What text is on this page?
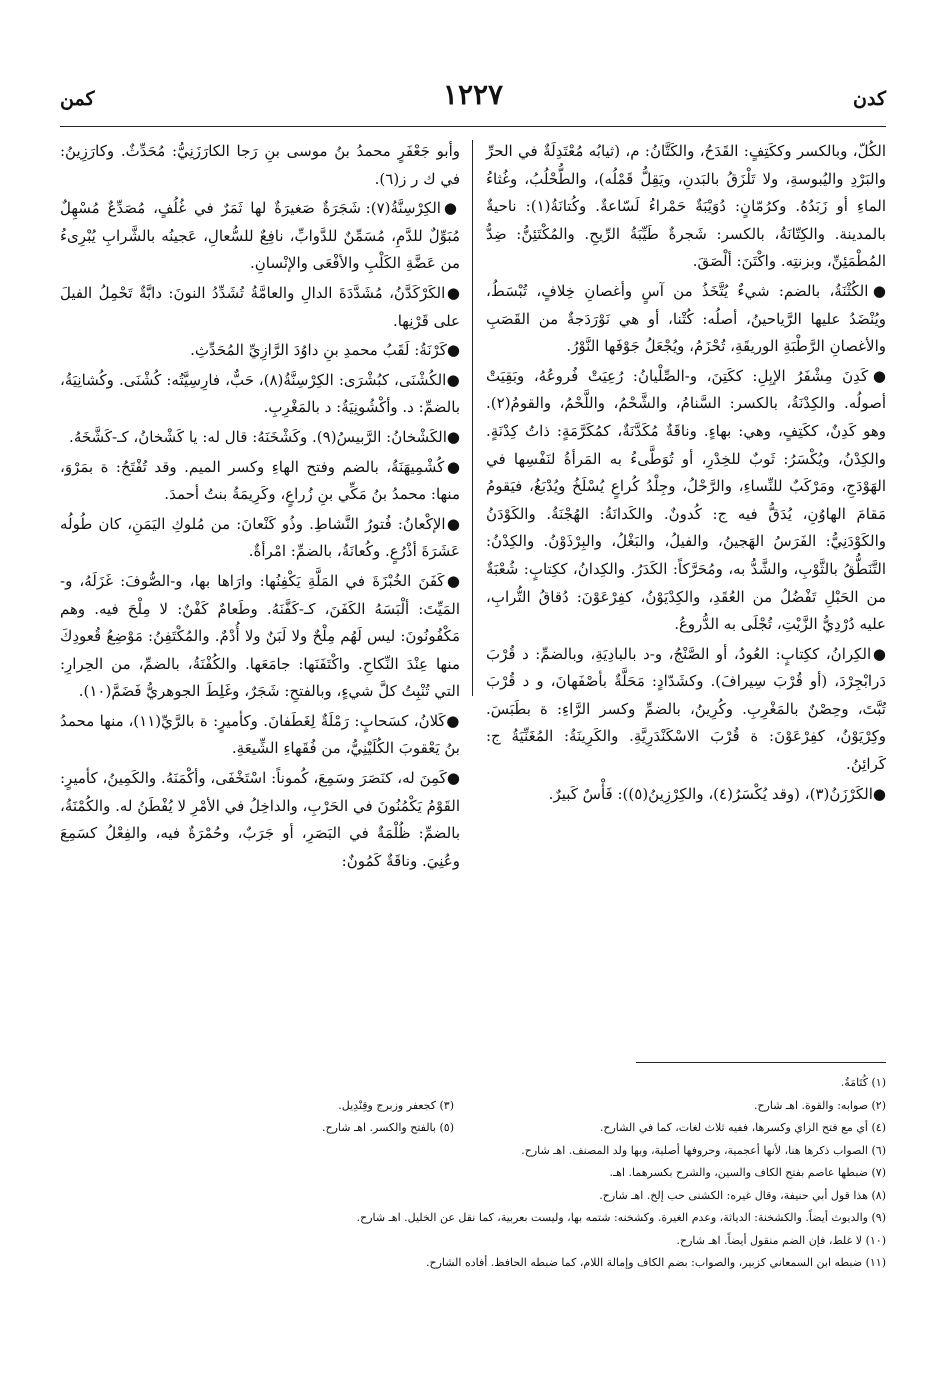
كدن
١٢٢٧
كمن

الكُلّ، وبالكسر وككَتِفٍ: القَدَحُ، والكَتَّانُ: م، (ثيابُه مُعْتَدِلَةٌ في الحرِّ والبَرْدِ واليُبوسةِ، ولا تَلْزَقُ بالبَدنِ، ويَقِلُّ قَمْلُه)، والطُّحْلُبُ، وغُثاءُ الماءِ أو زَبَدُهُ. وكرُمّانٍ: دُوَيْبَةٌ حَمْراءُ لَسّاعةٌ. وكُتانَةُ(١): ناحيةٌ بالمدينة. والكِتّانَةُ، بالكسر: شَجرةٌ طَيِّبَةُ الرِّيحِ. والمُكْتَئِنُّ: ضِدُّ المُطْمَئِنِّ، وبزنتِه. واكْتَنَ: ألْصَقَ.

●الكُثْنَةُ، بالضم: شيءٌ يُتَّخَذُ من آسٍ وأغصانِ خِلافٍ، تُبْسَطُ، ويُنْضَدُ عليها الرَّياحينُ، أصلُه: كُتْنا، أو هي نَوْرَدَجةٌ من القَصَبِ والأغصانِ الرَّطْبَةِ الوريقَةِ، تُحْزَمُ، ويُجْعَلُ جَوْفَها النَّوْرُ.

●كَدِنَ مِشْفَرُ الإبِلِ: ككَتِنَ، و-الصِّلْيانُ: رُعِيَتْ فُروعُهُ، وبَقِيَتْ أصولُه. والكِدْنَةُ، بالكسر: السَّنامُ، والشَّحْمُ، واللَّحْمُ، والقومُ(٢). وهو كَدِنٌ، ككَتِفٍ، وهي: بهاءٍ. وناقَةٌ مُكَدَّنَةٌ، كمُكَرَّمَةٍ: ذاتُ كِدْنَةٍ. والكِدْنُ، ويُكْسَرُ: ثَوبٌ للخِدْرِ، أو تُوَطَّىءُ به المَرأةُ لنَفْسِها في الهَوْدَجِ، ومَرْكَبٌ للنِّساءِ، والرَّحْلُ، وجِلْدُ كُراعٍ يُسْلَخُ ويُدْبَغُ، فيَقومُ مَقامَ الهاوُنِ، يُدَقُّ فيه ج: كُدونٌ. والكَدانَةُ: الهُجْنَةُ. والكَوْدَنُ والكَوْدَنِيُّ: الفَرَسُ الهَجينُ، والفيلُ، والبَغْلُ، والبِرْذَوْنُ. والكِدْنُ: التَّنَطُّقُ بالثَّوْبِ، والشَّدُّ به، ومُحَرَّكاً: الكَدَرُ. والكِدانُ، ككِتابٍ: شُعْبَةٌ من الحَبْلِ تَفْضُلُ من العُقَدِ، والكِدْيَوْنُ، كفِرْعَوْنَ: دُقاقُ التُّرابِ، عليه دُرْدِيُّ الزَّيْتِ، تُجْلَى به الدُّروعُ.

●الكِرانُ، ككِتابٍ: العُودُ، أو الصَّنْجُ، و-د بالبادِيَةِ، وبالضمِّ: د قُرْبَ دَرابْجِرْدَ، (أو قُرْبَ سِيرافَ). وكشَدّادٍ: مَحَلَّةٌ بأصْفَهانَ، و د قُرْبَ تُبَّتَ، وحِصْنٌ بالمَغْرِبِ. وكُرِينُ، بالضمِّ وكسر الرَّاءِ: ة بطَبَسَ. وكِرْيَوْنُ، كفِرْعَوْنَ: ة قُرْبَ الاسْكَنْدَرِيَّةِ. والكَرِينَةُ: المُغَنِّيَةُ ج: كَرائِنُ.

●الكَرْزَنُ(٣)، (وقد يُكْسَرُ(٤)، والكِرْزِينُ(٥)): فَأْسٌ كَبيرٌ.

وأبو جَعْفَرٍ محمدُ بنُ موسى بنِ رَجا الكارَزَنِيُّ: مُحَدِّثٌ. وكارَزِينُ: في ك ر ز(٦).

●الكِرْسِنَّةُ(٧): شَجَرَةٌ صَغيرَةٌ لها ثَمَرٌ في غُلُفٍ، مُصَدِّعٌ مُسْهِلٌ مُبَوِّلٌ للدَّمِ، مُسَمِّنٌ للدَّوابِّ، نافِعٌ للسُّعالِ، عَجينُه بالشَّرابِ يُبْرِىءُ من عَضَّةِ الكَلْبِ والأفْعَى والإنْسانِ.

●الكَرْكَدَّنُ، مُشَدَّدَةَ الدالِ والعامَّةُ تُشَدِّدُ النونَ: دابَّةٌ تَحْمِلُ الفيلَ على قَرْنِها.

●كَرْنَةُ: لَقَبُ محمدِ بنِ داوُدَ الرَّازِيِّ المُحَدِّثِ.

●الكُشْنَى، كبُشْرَى: الكِرْسِنَّةُ(٨)، حَبٌّ، فارِسِيَّتُه: كُشْنَى. وكُشانِيَةُ، بالضمِّ: د. وأكْشُونِيَةُ: د بالمَغْرِبِ.

●الكَشْخانُ: الرَّبيسُ(٩). وكَشْخَنَهُ: قال له: يا كَشْخانُ، كـ-كَشَّخَهُ.

●كُشْمِيهَنَةُ، بالضم وفتح الهاءِ وكسر الميم. وقد تُفْتَحُ: ة بمَرْوَ، منها: محمدُ بنُ مَكِّي بنِ زُراعٍ، وكَرِيمَةُ بنتُ أحمدَ.

●الإكْعانُ: فُتورُ النَّشاطِ. وذُو كَنْعانَ: من مُلوكِ اليَمَنِ، كان طُولُه عَشَرَةَ أذْرُعٍ. وكُعانَةُ، بالضمِّ: امْرأةٌ.

●كَفَنَ الخُبْزَةَ في المَلَّةِ يَكْفِنُها: وارَاها بها، و-الصُّوفَ: غَزَلَهُ، و-المَيِّتَ: ألْبَسَهُ الكَفَنَ، كـ-كَفَّنَهُ. وطَعامٌ كَفْنٌ: لا مِلْحَ فيه. وهم مَكْفُونُونَ: ليس لَهُم مِلْحٌ ولا لَبَنٌ ولا أُدْمٌ. والمُكْتَفِنُ: مَوْضِعُ قُعودِكَ منها عِنْدَ النِّكاحِ. واكْتَفَنَها: جامَعَها. والكُفْنَةُ، بالضمِّ، من الحِرارِ: التي تُنْبِتُ كلَّ شيءٍ، وبالفتحِ: شَجَرٌ، وغَلِطَ الجوهريُّ فَضَمَّ(١٠).

●كَلانُ، كسَحابٍ: رَمْلَةٌ لِغَطَفانَ. وكأميرٍ: ة بالرَّيِّ(١١)، منها محمدُ بنُ يَعْقوبَ الكُلَيْنِيُّ، من فُقَهاءِ الشِّيعَةِ.

●كَمِنَ له، كنَصَرَ وسَمِعَ، كُموناً: اسْتَخْفَى، وأكْمَنَهُ. والكَمِينُ، كأميرٍ: القَوْمُ يَكْمُنُونَ في الحَرْبِ، والداخِلُ في الأمْرِ لا يُفْطَنُ له. والكُمْنَةُ، بالضمِّ: ظُلْمَةٌ في البَصَرِ، أو جَرَبٌ، وحُمْرَةٌ فيه، والفِعْلُ كسَمِعَ وعُنِيَ. وناقَةٌ كَمُونٌ:

(١) كُتَامَةُ.
(٢) صوابه: والقوة. اهـ شارح.
(٣) كجعفر وزبرج وقِنْدِيل.
(٤) أي مع فتح الزاي وكسرها، ففيه ثلاث لغات، كما في الشارح.
(٥) بالفتح والكسر. اهـ شارح.
(٦) الصواب ذكرها هنا، لأنها أعجمية، وحروفها أصلية، وبها ولد المصنف. اهـ شارح.
(٧) ضبطها عاصم بفتح الكاف والسين، والشرح بكسرهما. اهـ.
(٨) هذا قول أبي حنيفة، وقال غيره: الكشنى حب إلخ. اهـ شارح.
(٩) والديوث أيضاً. والكشخنة: الدياثة، وعدم الغيرة. وكشخنه: شتمه بها، وليست بعربية، كما نقل عن الخليل. اهـ شارح.
(١٠) لا غلط، فإن الضم منقول أيضاً. اهـ شارح.
(١١) ضبطه ابن السمعاني كزبير، والصواب: بضم الكاف وإمالة اللام، كما ضبطه الحافظ. أفاده الشارح.
